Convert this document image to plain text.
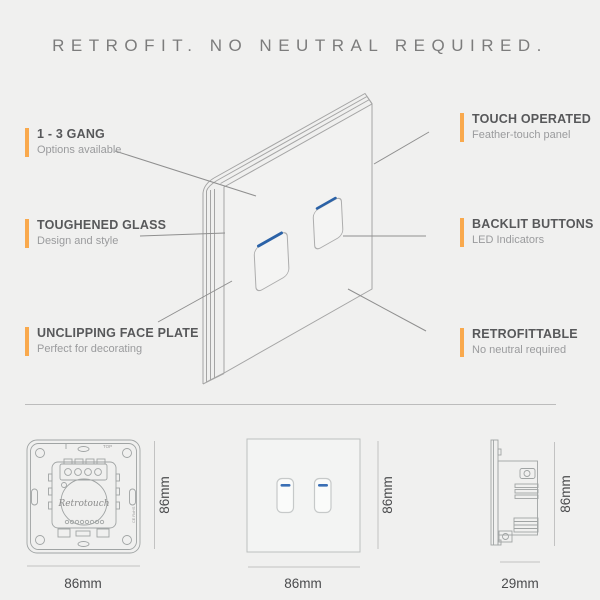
RETROFIT. NO NEUTRAL REQUIRED.
1 - 3 GANG

Options available

TOUGHENED GLASS

Design and style

UNCLIPPING FACE PLATE

Perfect for decorating

TOUCH OPERATED

Feather-touch panel

BACKLIT BUTTONS

LED Indicators

RETROFITTABLE

No neutral required

TOP
CE RoHS
Retrotouch	86mm
86mm
86mm
86mm
86mm
29mm
